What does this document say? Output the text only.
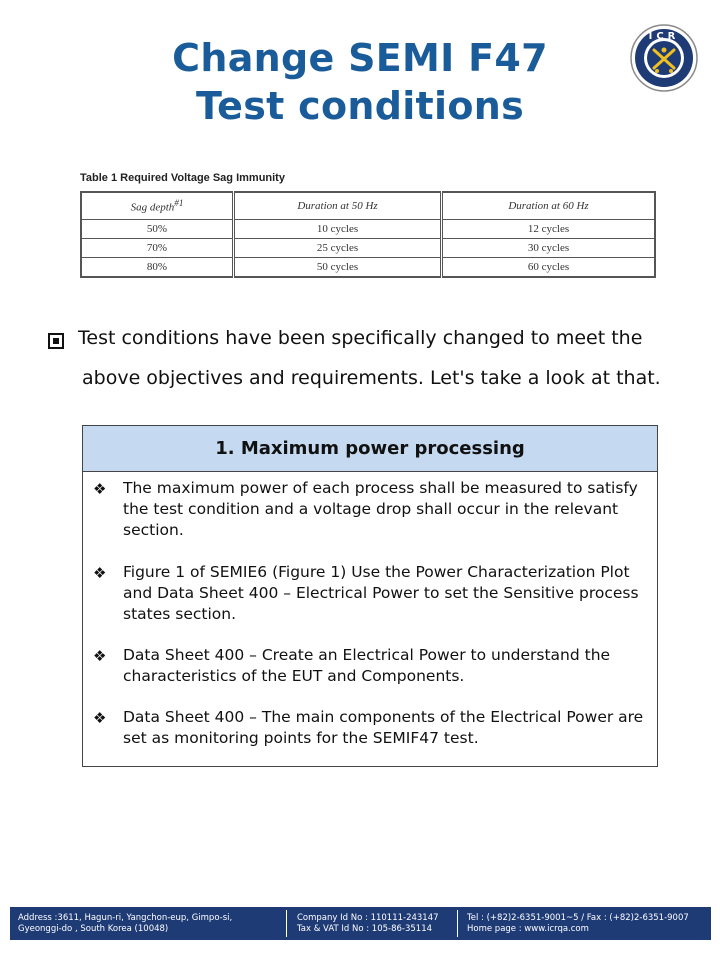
Change SEMI F47
Test conditions
ICR
Table 1 Required Voltage Sag Immunity
Sag depth$^{\#1}$	Duration at 50 Hz	Duration at 60 Hz
50%	10 cycles	12 cycles
70%	25 cycles	30 cycles
80%	50 cycles	60 cycles
Test conditions have been specifically changed to meet the
above objectives and requirements. Let's take a look at that.
1. Maximum power processing
❖ The maximum power of each process shall be measured to satisfy the test condition and a voltage drop shall occur in the relevant section.
❖ Figure 1 of SEMIE6 (Figure 1) Use the Power Characterization Plot and Data Sheet 400 – Electrical Power to set the Sensitive process states section.
❖ Data Sheet 400 – Create an Electrical Power to understand the characteristics of the EUT and Components.
❖ Data Sheet 400 – The main components of the Electrical Power are set as monitoring points for the SEMIF47 test.
Address :3611, Hagun-ri, Yangchon-eup, Gimpo-si,
Gyeonggi-do , South Korea (10048)
Company Id No : 110111-243147
Tax & VAT Id No : 105-86-35114
Tel : (+82)2-6351-9001~5 / Fax : (+82)2-6351-9007
Home page : www.icrqa.com
